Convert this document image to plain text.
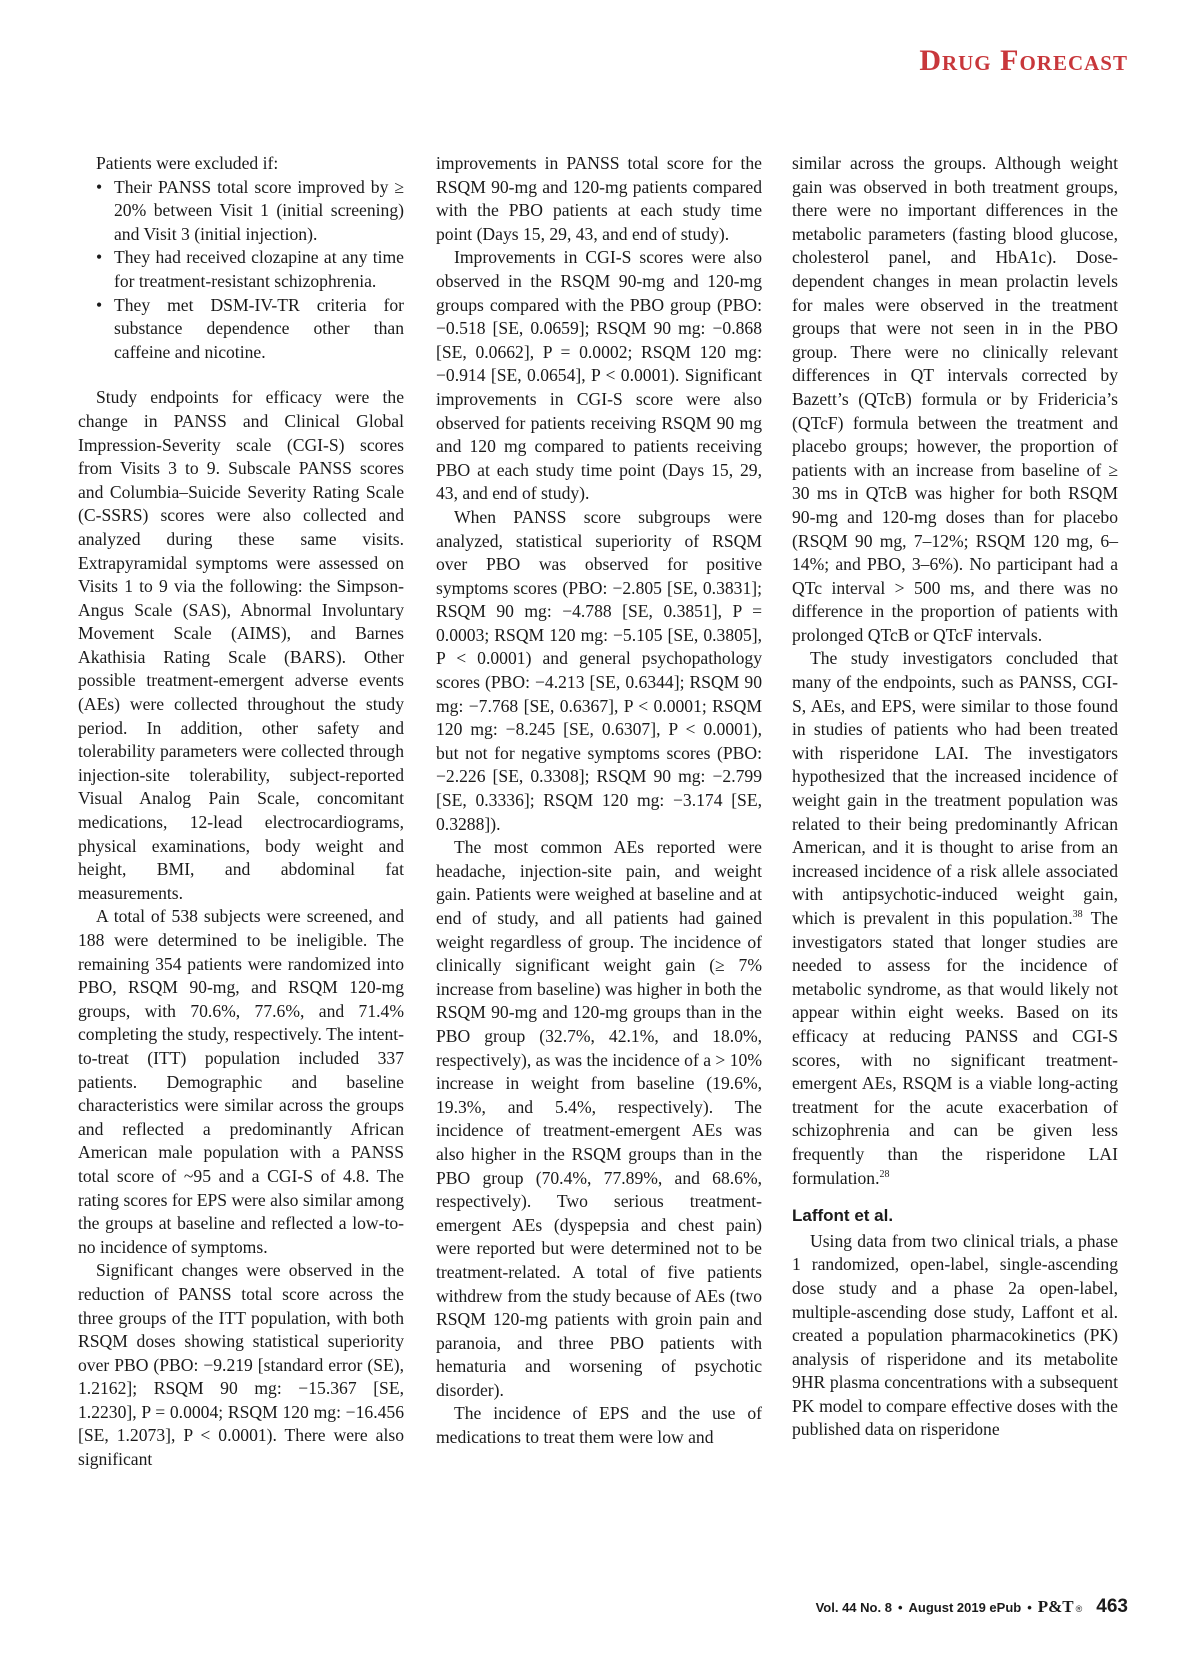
Drug Forecast

Patients were excluded if:

• Their PANSS total score improved by ≥ 20% between Visit 1 (initial screening) and Visit 3 (initial injection).
• They had received clozapine at any time for treatment-resistant schizophrenia.
• They met DSM-IV-TR criteria for substance dependence other than caffeine and nicotine.

Study endpoints for efficacy were the change in PANSS and Clinical Global Impression-Severity scale (CGI-S) scores from Visits 3 to 9. Subscale PANSS scores and Columbia–Suicide Severity Rating Scale (C-SSRS) scores were also collected and analyzed during these same visits. Extrapyramidal symptoms were assessed on Visits 1 to 9 via the following: the Simpson-Angus Scale (SAS), Abnormal Involuntary Movement Scale (AIMS), and Barnes Akathisia Rating Scale (BARS). Other possible treatment-emergent adverse events (AEs) were collected throughout the study period. In addition, other safety and tolerability parameters were collected through injection-site tolerability, subject-reported Visual Analog Pain Scale, concomitant medications, 12-lead electrocardiograms, physical examinations, body weight and height, BMI, and abdominal fat measurements.

A total of 538 subjects were screened, and 188 were determined to be ineligible. The remaining 354 patients were randomized into PBO, RSQM 90-mg, and RSQM 120-mg groups, with 70.6%, 77.6%, and 71.4% completing the study, respectively. The intent-to-treat (ITT) population included 337 patients. Demographic and baseline characteristics were similar across the groups and reflected a predominantly African American male population with a PANSS total score of ~95 and a CGI-S of 4.8. The rating scores for EPS were also similar among the groups at baseline and reflected a low-to-no incidence of symptoms.

Significant changes were observed in the reduction of PANSS total score across the three groups of the ITT population, with both RSQM doses showing statistical superiority over PBO (PBO: −9.219 [standard error (SE), 1.2162]; RSQM 90 mg: −15.367 [SE, 1.2230], P = 0.0004; RSQM 120 mg: −16.456 [SE, 1.2073], P < 0.0001). There were also significant

improvements in PANSS total score for the RSQM 90-mg and 120-mg patients compared with the PBO patients at each study time point (Days 15, 29, 43, and end of study).

Improvements in CGI-S scores were also observed in the RSQM 90-mg and 120-mg groups compared with the PBO group (PBO: −0.518 [SE, 0.0659]; RSQM 90 mg: −0.868 [SE, 0.0662], P = 0.0002; RSQM 120 mg: −0.914 [SE, 0.0654], P < 0.0001). Significant improvements in CGI-S score were also observed for patients receiving RSQM 90 mg and 120 mg compared to patients receiving PBO at each study time point (Days 15, 29, 43, and end of study).

When PANSS score subgroups were analyzed, statistical superiority of RSQM over PBO was observed for positive symptoms scores (PBO: −2.805 [SE, 0.3831]; RSQM 90 mg: −4.788 [SE, 0.3851], P = 0.0003; RSQM 120 mg: −5.105 [SE, 0.3805], P < 0.0001) and general psychopathology scores (PBO: −4.213 [SE, 0.6344]; RSQM 90 mg: −7.768 [SE, 0.6367], P < 0.0001; RSQM 120 mg: −8.245 [SE, 0.6307], P < 0.0001), but not for negative symptoms scores (PBO: −2.226 [SE, 0.3308]; RSQM 90 mg: −2.799 [SE, 0.3336]; RSQM 120 mg: −3.174 [SE, 0.3288]).

The most common AEs reported were headache, injection-site pain, and weight gain. Patients were weighed at baseline and at end of study, and all patients had gained weight regardless of group. The incidence of clinically significant weight gain (≥ 7% increase from baseline) was higher in both the RSQM 90-mg and 120-mg groups than in the PBO group (32.7%, 42.1%, and 18.0%, respectively), as was the incidence of a > 10% increase in weight from baseline (19.6%, 19.3%, and 5.4%, respectively). The incidence of treatment-emergent AEs was also higher in the RSQM groups than in the PBO group (70.4%, 77.89%, and 68.6%, respectively). Two serious treatment-emergent AEs (dyspepsia and chest pain) were reported but were determined not to be treatment-related. A total of five patients withdrew from the study because of AEs (two RSQM 120-mg patients with groin pain and paranoia, and three PBO patients with hematuria and worsening of psychotic disorder).

The incidence of EPS and the use of medications to treat them were low and

similar across the groups. Although weight gain was observed in both treatment groups, there were no important differences in the metabolic parameters (fasting blood glucose, cholesterol panel, and HbA1c). Dose-dependent changes in mean prolactin levels for males were observed in the treatment groups that were not seen in in the PBO group. There were no clinically relevant differences in QT intervals corrected by Bazett’s (QTcB) formula or by Fridericia’s (QTcF) formula between the treatment and placebo groups; however, the proportion of patients with an increase from baseline of ≥ 30 ms in QTcB was higher for both RSQM 90-mg and 120-mg doses than for placebo (RSQM 90 mg, 7–12%; RSQM 120 mg, 6–14%; and PBO, 3–6%). No participant had a QTc interval > 500 ms, and there was no difference in the proportion of patients with prolonged QTcB or QTcF intervals.

The study investigators concluded that many of the endpoints, such as PANSS, CGI-S, AEs, and EPS, were similar to those found in studies of patients who had been treated with risperidone LAI. The investigators hypothesized that the increased incidence of weight gain in the treatment population was related to their being predominantly African American, and it is thought to arise from an increased incidence of a risk allele associated with antipsychotic-induced weight gain, which is prevalent in this population.$^{38}$ The investigators stated that longer studies are needed to assess for the incidence of metabolic syndrome, as that would likely not appear within eight weeks. Based on its efficacy at reducing PANSS and CGI-S scores, with no significant treatment-emergent AEs, RSQM is a viable long-acting treatment for the acute exacerbation of schizophrenia and can be given less frequently than the risperidone LAI formulation.$^{28}$

Laffont et al.

Using data from two clinical trials, a phase 1 randomized, open-label, single-ascending dose study and a phase 2a open-label, multiple-ascending dose study, Laffont et al. created a population pharmacokinetics (PK) analysis of risperidone and its metabolite 9HR plasma concentrations with a subsequent PK model to compare effective doses with the published data on risperidone

Vol. 44 No. 8 • August 2019 ePub • P&T ® 463
